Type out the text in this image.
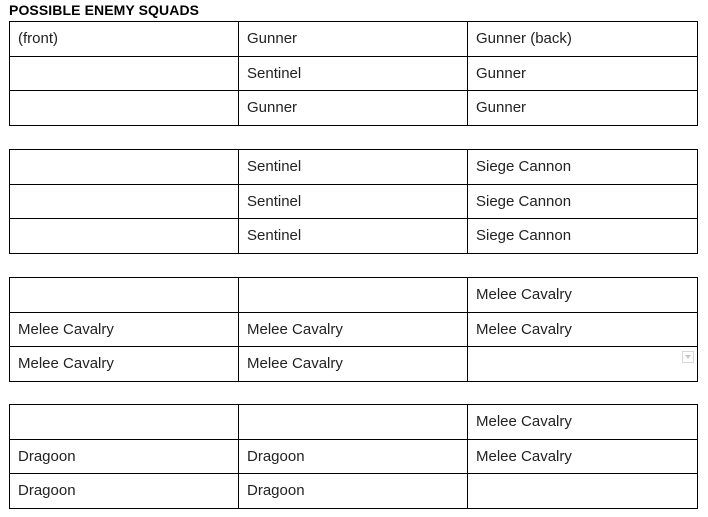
POSSIBLE ENEMY SQUADS
(front)	Gunner	Gunner (back)
	Sentinel	Gunner
	Gunner	Gunner
	Sentinel	Siege Cannon
	Sentinel	Siege Cannon
	Sentinel	Siege Cannon
		Melee Cavalry
Melee Cavalry	Melee Cavalry	Melee Cavalry
Melee Cavalry	Melee Cavalry	
		Melee Cavalry
Dragoon	Dragoon	Melee Cavalry
Dragoon	Dragoon	
